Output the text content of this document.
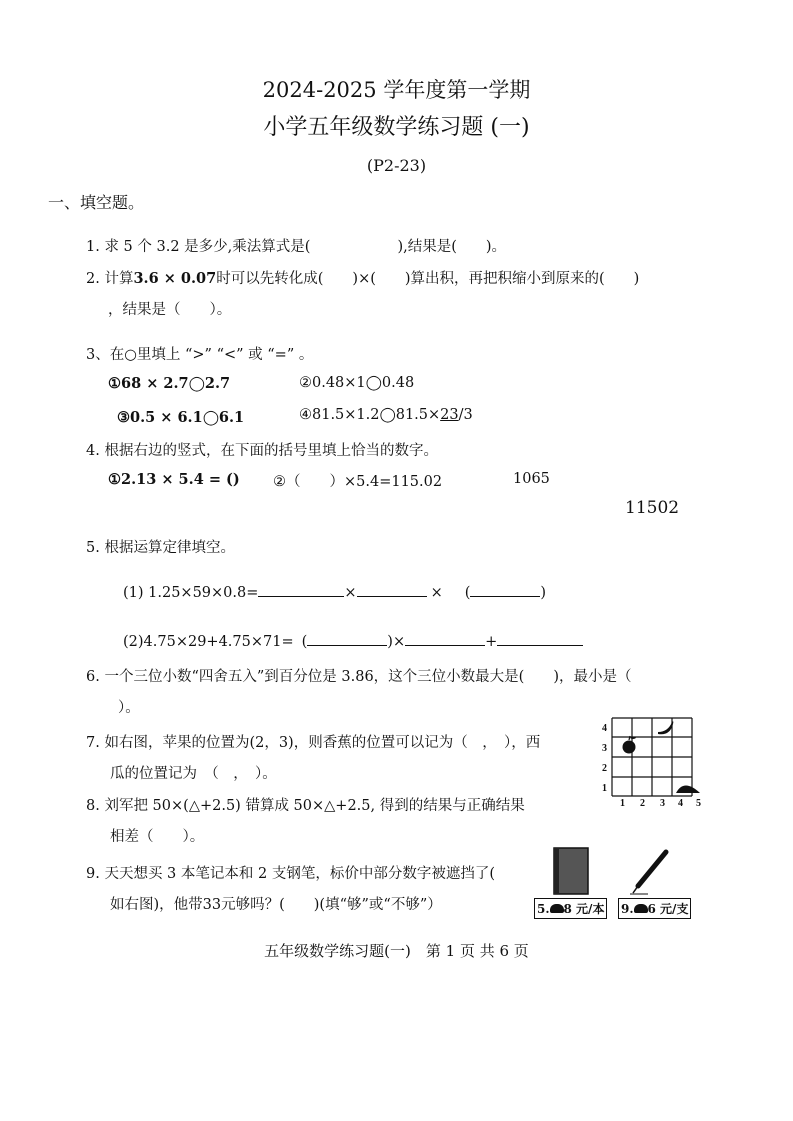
2024-2025 学年度第一学期
小学五年级数学练习题 (一)
(P2-23)
一、填空题。
1. 求 5 个 3.2 是多少,乘法算式是(　　　　　　),结果是(　　)。
2. 计算3.6 × 0.07时可以先转化成(　　)×(　　)算出积，再把积缩小到原来的(　　)
，结果是（　　）。
3、在○里填上 “>” “<” 或 “=” 。
①68 × 2.7◯2.7	②0.48×1◯0.48
③0.5 × 6.1◯6.1	④81.5×1.2◯81.5×23/3
4. 根据右边的竖式，在下面的括号里填上恰当的数字。
①2.13 × 5.4 = () ②（　　）×5.4=115.02	1065
11502
5. 根据运算定律填空。
(1) 1.25×59×0.8=	×	× (	)
(2)4.75×29+4.75×71= (	)×	+
6. 一个三位小数“四舍五入”到百分位是 3.86，这个三位小数最大是(　　)，最小是（
）。
7. 如右图，苹果的位置为(2，3)，则香蕉的位置可以记为（　，　），西
瓜的位置记为　（　，　）。
1 2 3 4 5
1
2
3
4
8. 刘军把 50×(△+2.5) 错算成 50×△+2.5, 得到的结果与正确结果
相差（　　）。
9. 天天想买 3 本笔记本和 2 支钢笔，标价中部分数字被遮挡了(
如右图)，他带33元够吗？(　　)(填“够”或“不够”）	5. 8 元/本 9. 6 元/支
五年级数学练习题(一)　第 1 页 共 6 页
